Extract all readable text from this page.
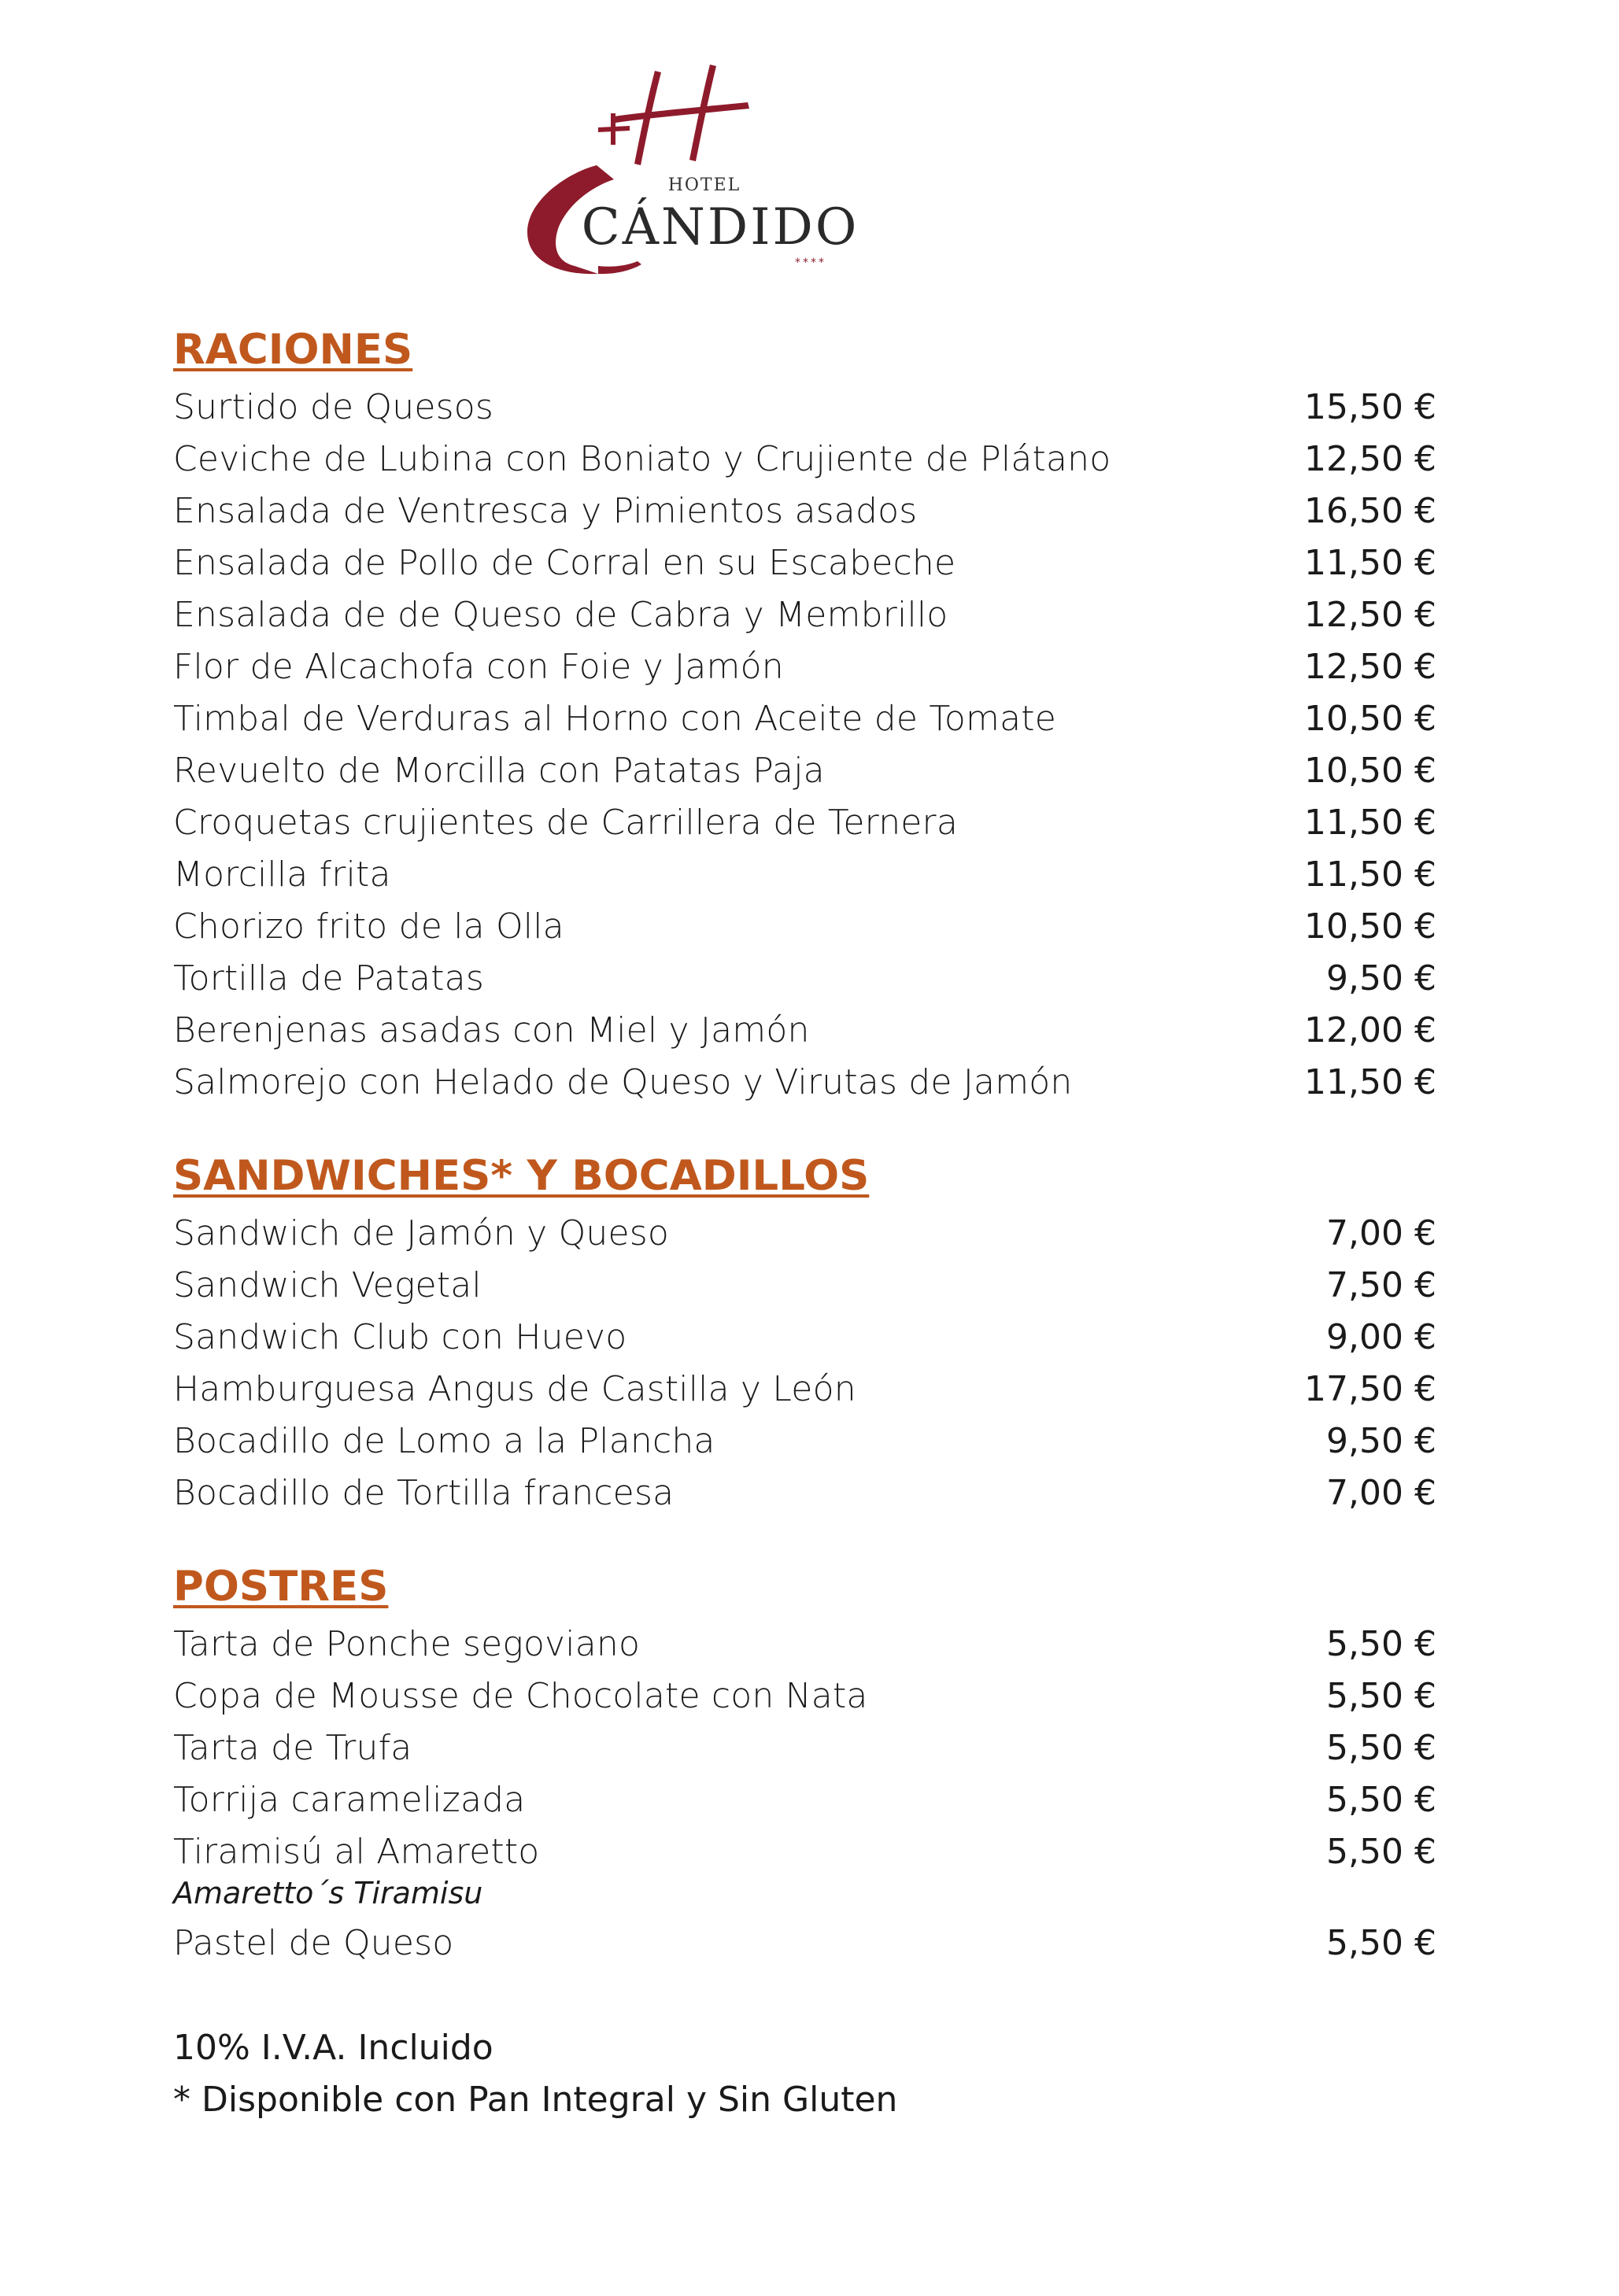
HOTEL
CÁNDIDO
****
RACIONES
Surtido de Quesos	15,50 €
Ceviche de Lubina con Boniato y Crujiente de Plátano	12,50 €
Ensalada de Ventresca y Pimientos asados	16,50 €
Ensalada de Pollo de Corral en su Escabeche	11,50 €
Ensalada de de Queso de Cabra y Membrillo	12,50 €
Flor de Alcachofa con Foie y Jamón	12,50 €
Timbal de Verduras al Horno con Aceite de Tomate	10,50 €
Revuelto de Morcilla con Patatas Paja	10,50 €
Croquetas crujientes de Carrillera de Ternera	11,50 €
Morcilla frita	11,50 €
Chorizo frito de la Olla	10,50 €
Tortilla de Patatas	9,50 €
Berenjenas asadas con Miel y Jamón	12,00 €
Salmorejo con Helado de Queso y Virutas de Jamón	11,50 €
SANDWICHES* Y BOCADILLOS
Sandwich de Jamón y Queso	7,00 €
Sandwich Vegetal	7,50 €
Sandwich Club con Huevo	9,00 €
Hamburguesa Angus de Castilla y León	17,50 €
Bocadillo de Lomo a la Plancha	9,50 €
Bocadillo de Tortilla francesa	7,00 €
POSTRES
Tarta de Ponche segoviano	5,50 €
Copa de Mousse de Chocolate con Nata	5,50 €
Tarta de Trufa	5,50 €
Torrija caramelizada	5,50 €
Tiramisú al Amaretto	5,50 €
Amaretto´s Tiramisu
Pastel de Queso	5,50 €
10% I.V.A. Incluido
* Disponible con Pan Integral y Sin Gluten
